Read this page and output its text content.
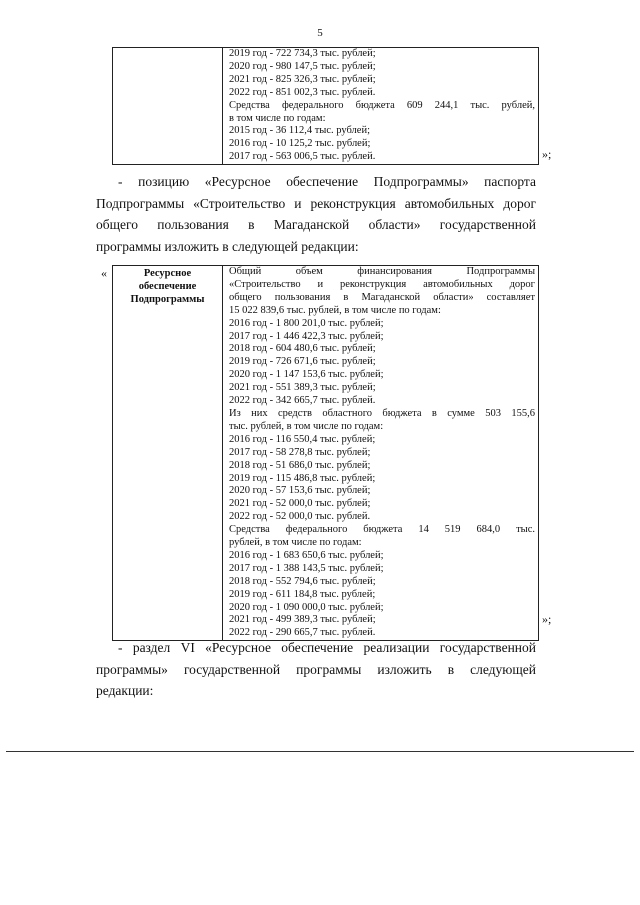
5

2019 год - 722 734,3 тыс. рублей;
2020 год - 980 147,5 тыс. рублей;
2021 год - 825 326,3 тыс. рублей;
2022 год - 851 002,3 тыс. рублей.
Средства федерального бюджета 609 244,1 тыс. рублей,
в том числе по годам:
2015 год - 36 112,4 тыс. рублей;
2016 год - 10 125,2 тыс. рублей;
2017 год - 563 006,5 тыс. рублей.	»;
- позицию «Ресурсное обеспечение Подпрограммы» паспорта
Подпрограммы «Строительство и реконструкция автомобильных дорог
общего пользования в Магаданской области» государственной
программы изложить в следующей редакции:
«	Ресурсное
обеспечение
Подпрограммы

Общий объем финансирования Подпрограммы
«Строительство и реконструкция автомобильных дорог
общего пользования в Магаданской области» составляет
15 022 839,6 тыс. рублей, в том числе по годам:
2016 год - 1 800 201,0 тыс. рублей;
2017 год - 1 446 422,3 тыс. рублей;
2018 год - 604 480,6 тыс. рублей;
2019 год - 726 671,6 тыс. рублей;
2020 год - 1 147 153,6 тыс. рублей;
2021 год - 551 389,3 тыс. рублей;
2022 год - 342 665,7 тыс. рублей.
Из них средств областного бюджета в сумме 503 155,6
тыс. рублей, в том числе по годам:
2016 год - 116 550,4 тыс. рублей;
2017 год - 58 278,8 тыс. рублей;
2018 год - 51 686,0 тыс. рублей;
2019 год - 115 486,8 тыс. рублей;
2020 год - 57 153,6 тыс. рублей;
2021 год - 52 000,0 тыс. рублей;
2022 год - 52 000,0 тыс. рублей.
Средства федерального бюджета 14 519 684,0 тыс.
рублей, в том числе по годам:
2016 год - 1 683 650,6 тыс. рублей;
2017 год - 1 388 143,5 тыс. рублей;
2018 год - 552 794,6 тыс. рублей;
2019 год - 611 184,8 тыс. рублей;
2020 год - 1 090 000,0 тыс. рублей;
2021 год - 499 389,3 тыс. рублей;
2022 год - 290 665,7 тыс. рублей.
»;
- раздел VI «Ресурсное обеспечение реализации государственной
программы» государственной программы изложить в следующей
редакции:
